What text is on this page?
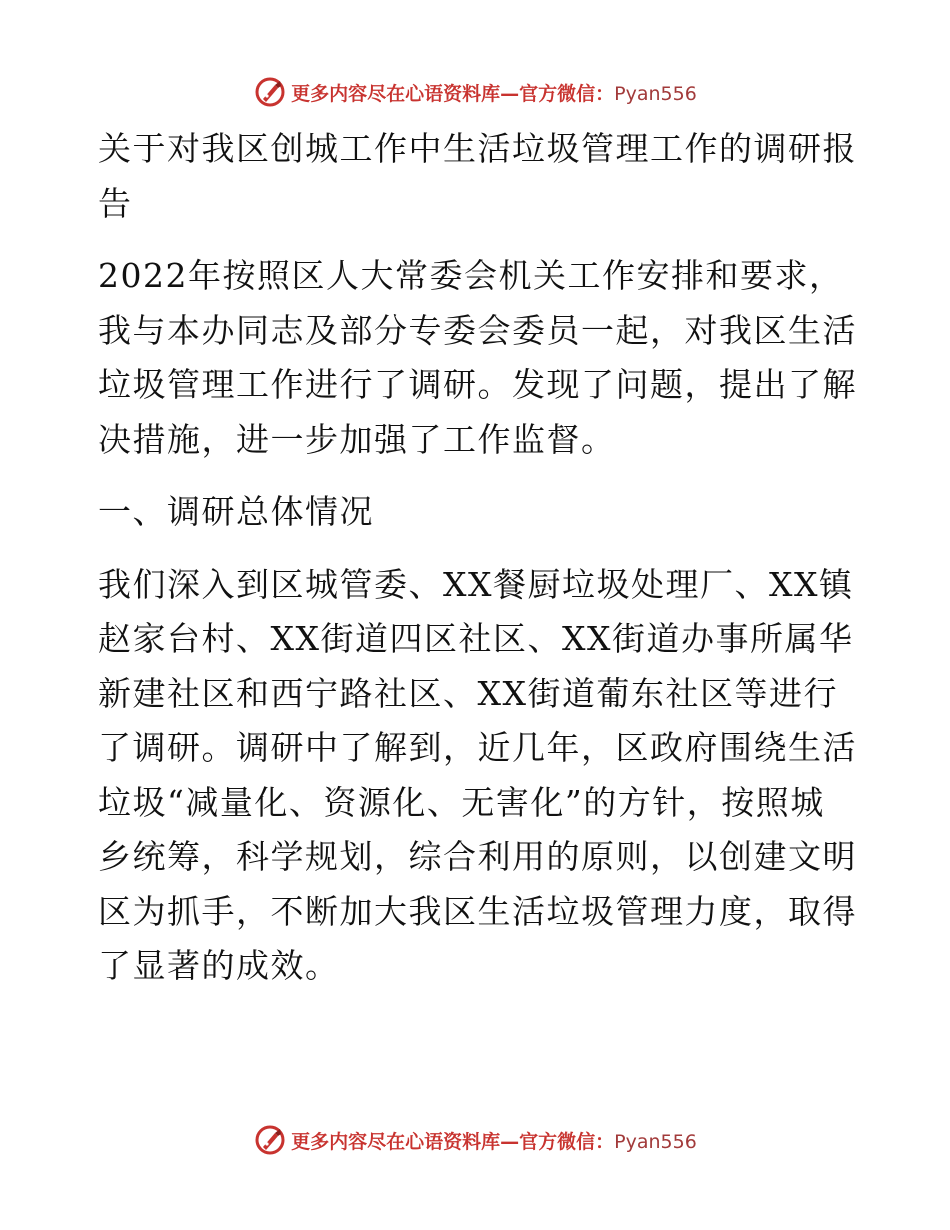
更多内容尽在心语资料库—官方微信：Pyan556

关于对我区创城工作中生活垃圾管理工作的调研报告

2022年按照区人大常委会机关工作安排和要求，我与本办同志及部分专委会委员一起，对我区生活垃圾管理工作进行了调研。发现了问题，提出了解决措施，进一步加强了工作监督。

一、调研总体情况

我们深入到区城管委、XX餐厨垃圾处理厂、XX镇赵家台村、XX街道四区社区、XX街道办事所属华新建社区和西宁路社区、XX街道葡东社区等进行了调研。调研中了解到，近几年，区政府围绕生活垃圾“减量化、资源化、无害化”的方针，按照城乡统筹，科学规划，综合利用的原则，以创建文明区为抓手，不断加大我区生活垃圾管理力度，取得了显著的成效。

更多内容尽在心语资料库—官方微信：Pyan556
